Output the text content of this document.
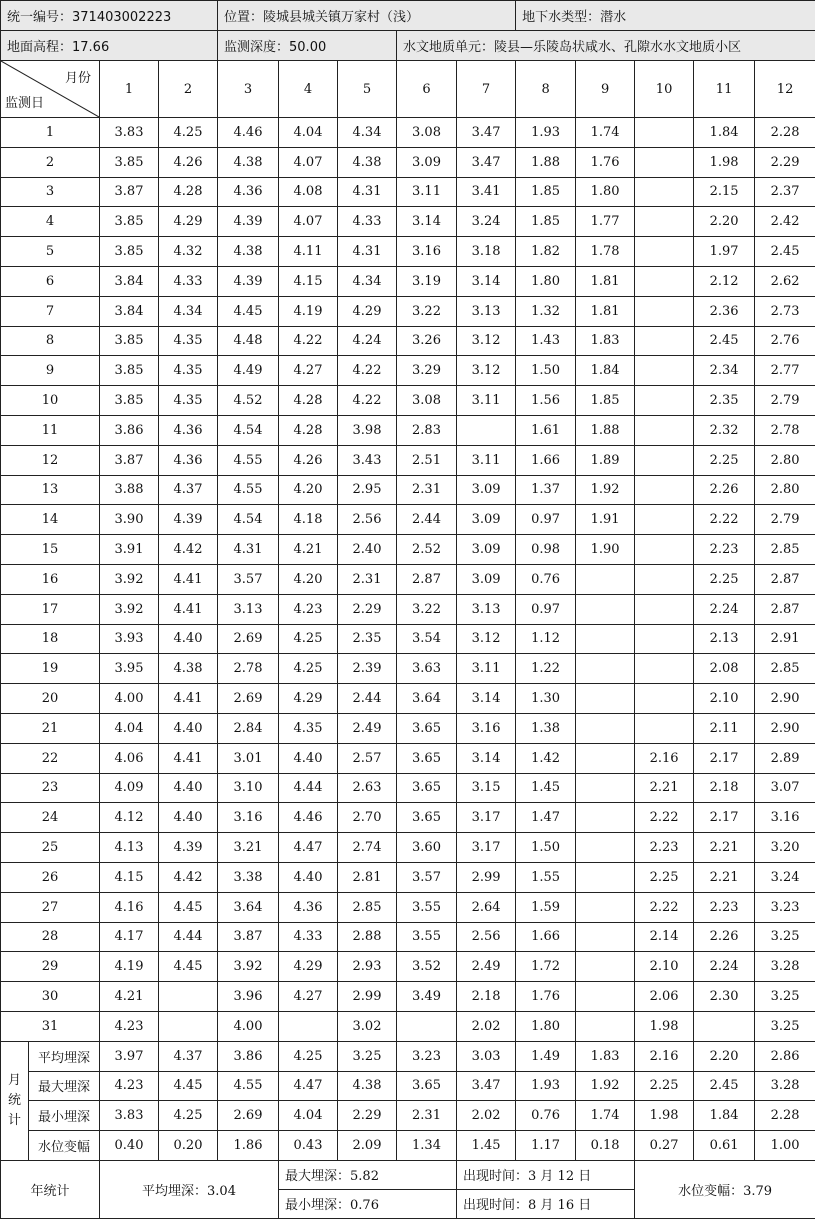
统一编号：371403002223				位置：陵城县城关镇万家村（浅）					地下水类型：潜水				
地面高程：17.66				监测深度：50.00			水文地质单元：陵县—乐陵岛状咸水、孔隙水水文地质小区						

月份
监测日		1	2	3	4	5	6	7	8	9	10	11	12
1		3.83	4.25	4.46	4.04	4.34	3.08	3.47	1.93	1.74		1.84	2.28
2		3.85	4.26	4.38	4.07	4.38	3.09	3.47	1.88	1.76		1.98	2.29
3		3.87	4.28	4.36	4.08	4.31	3.11	3.41	1.85	1.80		2.15	2.37
4		3.85	4.29	4.39	4.07	4.33	3.14	3.24	1.85	1.77		2.20	2.42
5		3.85	4.32	4.38	4.11	4.31	3.16	3.18	1.82	1.78		1.97	2.45
6		3.84	4.33	4.39	4.15	4.34	3.19	3.14	1.80	1.81		2.12	2.62
7		3.84	4.34	4.45	4.19	4.29	3.22	3.13	1.32	1.81		2.36	2.73
8		3.85	4.35	4.48	4.22	4.24	3.26	3.12	1.43	1.83		2.45	2.76
9		3.85	4.35	4.49	4.27	4.22	3.29	3.12	1.50	1.84		2.34	2.77
10		3.85	4.35	4.52	4.28	4.22	3.08	3.11	1.56	1.85		2.35	2.79
11		3.86	4.36	4.54	4.28	3.98	2.83		1.61	1.88		2.32	2.78
12		3.87	4.36	4.55	4.26	3.43	2.51	3.11	1.66	1.89		2.25	2.80
13		3.88	4.37	4.55	4.20	2.95	2.31	3.09	1.37	1.92		2.26	2.80
14		3.90	4.39	4.54	4.18	2.56	2.44	3.09	0.97	1.91		2.22	2.79
15		3.91	4.42	4.31	4.21	2.40	2.52	3.09	0.98	1.90		2.23	2.85
16		3.92	4.41	3.57	4.20	2.31	2.87	3.09	0.76			2.25	2.87
17		3.92	4.41	3.13	4.23	2.29	3.22	3.13	0.97			2.24	2.87
18		3.93	4.40	2.69	4.25	2.35	3.54	3.12	1.12			2.13	2.91
19		3.95	4.38	2.78	4.25	2.39	3.63	3.11	1.22			2.08	2.85
20		4.00	4.41	2.69	4.29	2.44	3.64	3.14	1.30			2.10	2.90
21		4.04	4.40	2.84	4.35	2.49	3.65	3.16	1.38			2.11	2.90
22		4.06	4.41	3.01	4.40	2.57	3.65	3.14	1.42		2.16	2.17	2.89
23		4.09	4.40	3.10	4.44	2.63	3.65	3.15	1.45		2.21	2.18	3.07
24		4.12	4.40	3.16	4.46	2.70	3.65	3.17	1.47		2.22	2.17	3.16
25		4.13	4.39	3.21	4.47	2.74	3.60	3.17	1.50		2.23	2.21	3.20
26		4.15	4.42	3.38	4.40	2.81	3.57	2.99	1.55		2.25	2.21	3.24
27		4.16	4.45	3.64	4.36	2.85	3.55	2.64	1.59		2.22	2.23	3.23
28		4.17	4.44	3.87	4.33	2.88	3.55	2.56	1.66		2.14	2.26	3.25
29		4.19	4.45	3.92	4.29	2.93	3.52	2.49	1.72		2.10	2.24	3.28
30		4.21		3.96	4.27	2.99	3.49	2.18	1.76		2.06	2.30	3.25
31		4.23		4.00		3.02		2.02	1.80		1.98		3.25

月
统
计	平均埋深	3.97	4.37	3.86	4.25	3.25	3.23	3.03	1.49	1.83	2.16	2.20	2.86
	最大埋深	4.23	4.45	4.55	4.47	4.38	3.65	3.47	1.93	1.92	2.25	2.45	3.28
	最小埋深	3.83	4.25	2.69	4.04	2.29	2.31	2.02	0.76	1.74	1.98	1.84	2.28
	水位变幅	0.40	0.20	1.86	0.43	2.09	1.34	1.45	1.17	0.18	0.27	0.61	1.00
年统计		平均埋深：3.04			最大埋深：5.82			出现时间：3 月 12 日			水位变幅：3.79		
					最小埋深：0.76			出现时间：8 月 16 日					
